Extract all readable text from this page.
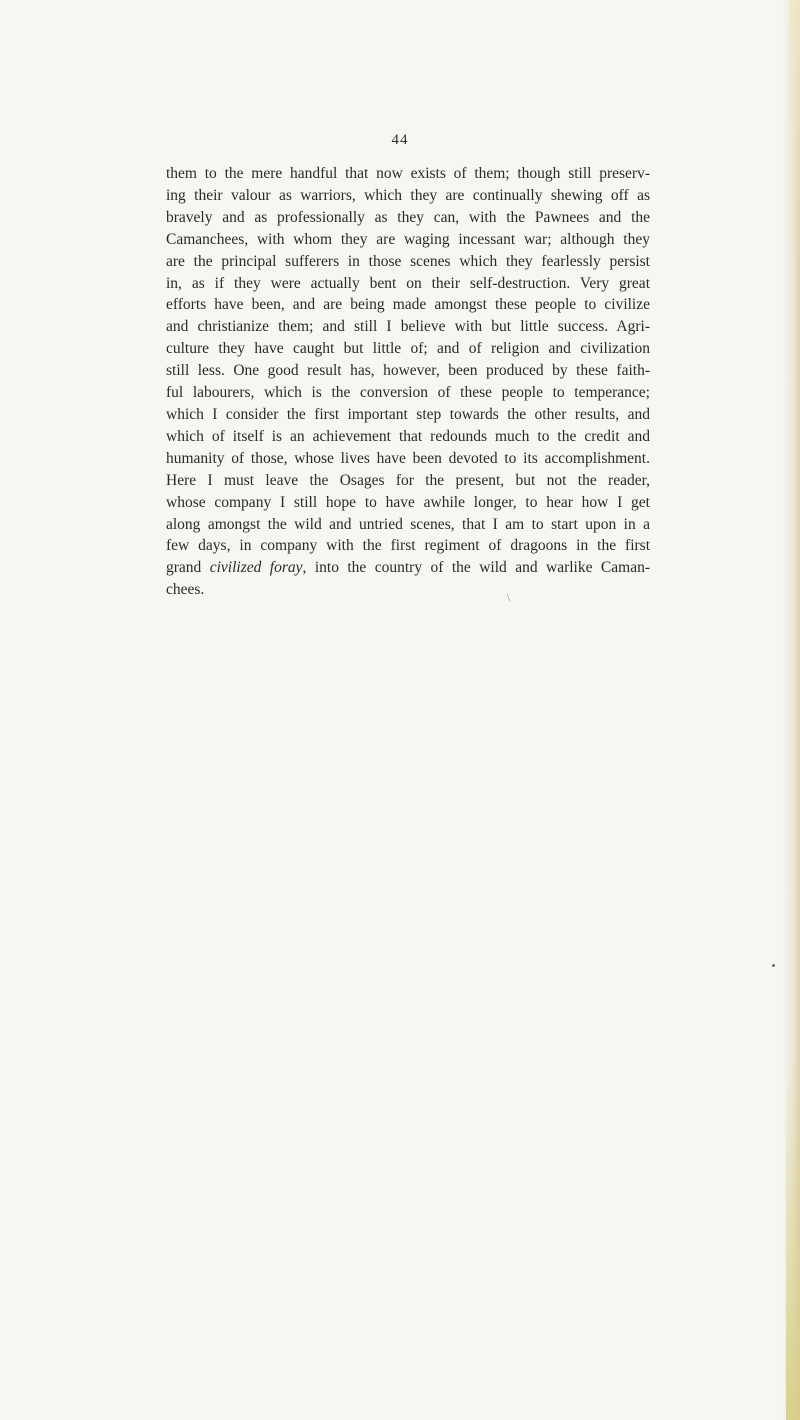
44
them to the mere handful that now exists of them; though still preserv-
ing their valour as warriors, which they are continually shewing off as
bravely and as professionally as they can, with the Pawnees and the
Camanchees, with whom they are waging incessant war; although they
are the principal sufferers in those scenes which they fearlessly persist
in, as if they were actually bent on their self-destruction. Very great
efforts have been, and are being made amongst these people to civilize
and christianize them; and still I believe with but little success. Agri-
culture they have caught but little of; and of religion and civilization
still less. One good result has, however, been produced by these faith-
ful labourers, which is the conversion of these people to temperance;
which I consider the first important step towards the other results, and
which of itself is an achievement that redounds much to the credit and
humanity of those, whose lives have been devoted to its accomplishment.
Here I must leave the Osages for the present, but not the reader,
whose company I still hope to have awhile longer, to hear how I get
along amongst the wild and untried scenes, that I am to start upon in a
few days, in company with the first regiment of dragoons in the first
grand civilized foray, into the country of the wild and warlike Caman-
chees.
\
